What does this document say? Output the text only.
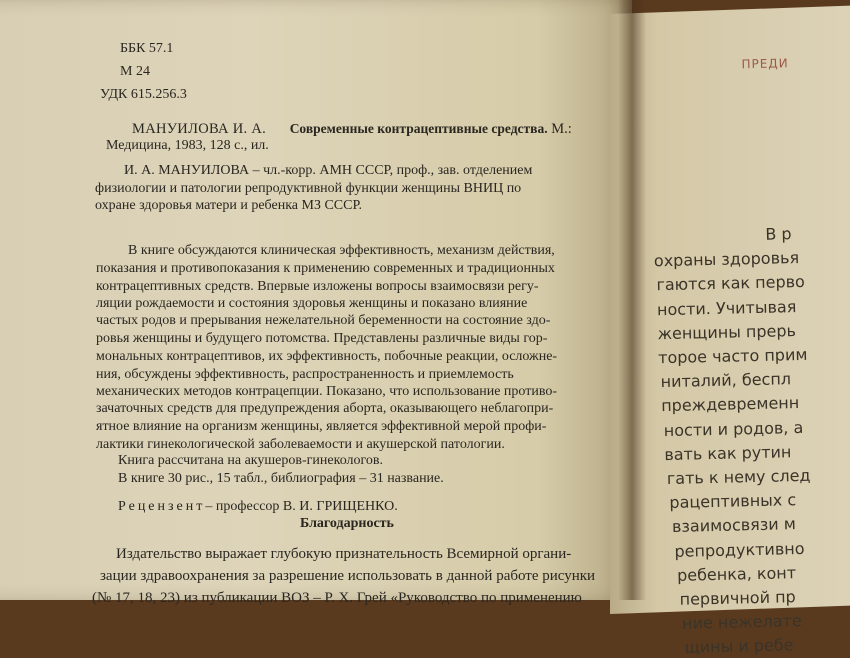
ББК 57.1
М 24
УДК 615.256.3
МАНУИЛОВА И. А. Современные контрацептивные средства. М.:
Медицина, 1983, 128 с., ил.
И. А. МАНУИЛОВА – чл.-корр. АМН СССР, проф., зав. отделением
физиологии и патологии репродуктивной функции женщины ВНИЦ по
охране здоровья матери и ребенка МЗ СССР.
В книге обсуждаются клиническая эффективность, механизм действия,
показания и противопоказания к применению современных и традиционных
контрацептивных средств. Впервые изложены вопросы взаимосвязи регу-
ляции рождаемости и состояния здоровья женщины и показано влияние
частых родов и прерывания нежелательной беременности на состояние здо-
ровья женщины и будущего потомства. Представлены различные виды гор-
мональных контрацептивов, их эффективность, побочные реакции, осложне-
ния, обсуждены эффективность, распространенность и приемлемость
механических методов контрацепции. Показано, что использование противо-
зачаточных средств для предупреждения аборта, оказывающего неблагопри-
ятное влияние на организм женщины, является эффективной мерой профи-
лактики гинекологической заболеваемости и акушерской патологии.
Книга рассчитана на акушеров-гинекологов.
В книге 30 рис., 15 табл., библиография – 31 название.
Рецензент– профессор В. И. ГРИЩЕНКО.
Благодарность
Издательство выражает глубокую признательность Всемирной органи-
зации здравоохранения за разрешение использовать в данной работе рисунки
(№ 17, 18, 23) из публикации ВОЗ – Р. Х. Грей «Руководство по применению
ПРЕДИ
В р
охраны здоровья
гаются как перво
ности. Учитывая
женщины прерь
торое часто прим
ниталий, беспл
преждевременн
ности и родов, а
вать как рутин
гать к нему след
рацептивных с
взаимосвязи м
репродуктивно
ребенка, конт
первичной пр
ние нежелате
щины и ребе
